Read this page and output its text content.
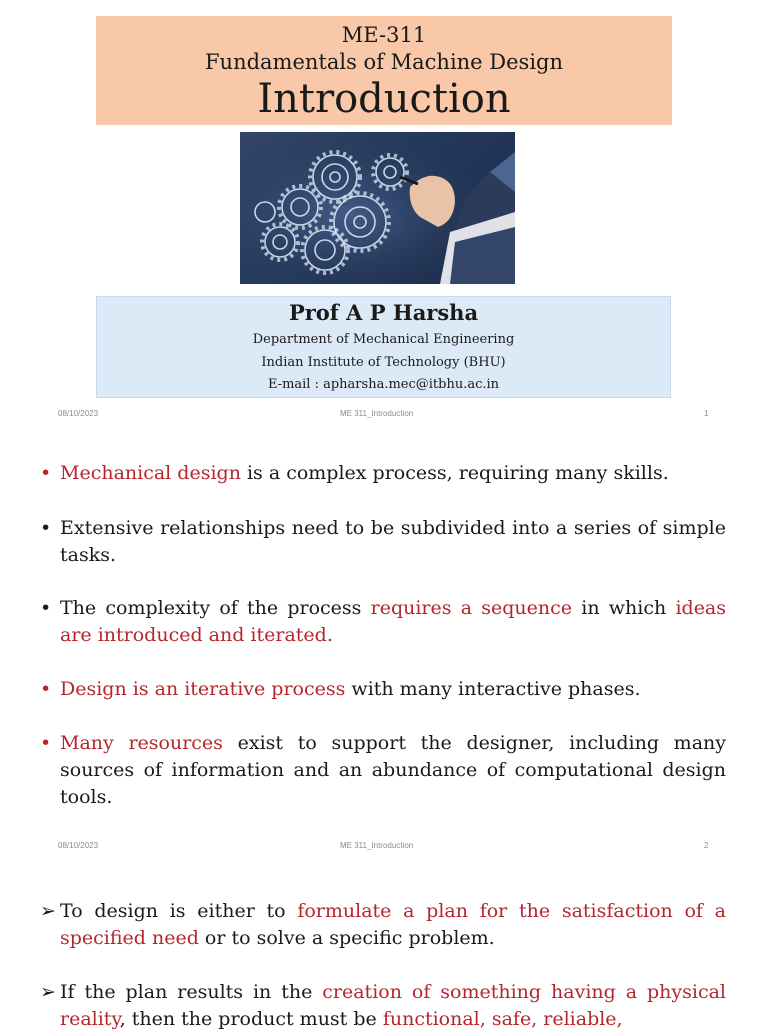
ME-311
Fundamentals of Machine Design
Introduction
Prof A P Harsha
Department of Mechanical Engineering
Indian Institute of Technology (BHU)
E-mail : apharsha.mec@itbhu.ac.in
08/10/2023	ME 311_Introduction	1
• Mechanical design is a complex process, requiring many skills.
• Extensive relationships need to be subdivided into a series of simple tasks.
• The complexity of the process requires a sequence in which ideas are introduced and iterated.
• Design is an iterative process with many interactive phases.
• Many resources exist to support the designer, including many sources of information and an abundance of computational design tools.
08/10/2023	ME 311_Introduction	2
➢ To design is either to formulate a plan for the satisfaction of a specified need or to solve a specific problem.
➢ If the plan results in the creation of something having a physical reality, then the product must be functional, safe, reliable,
